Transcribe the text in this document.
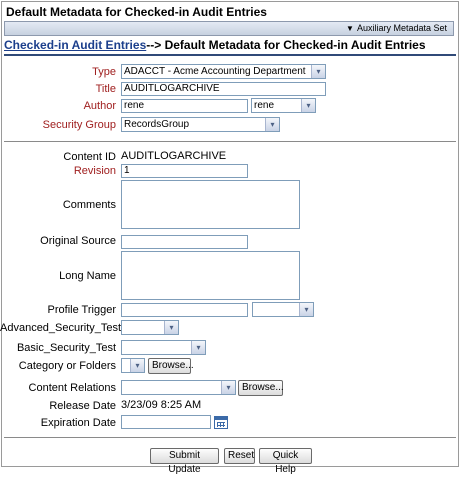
Default Metadata for Checked-in Audit Entries
▼ Auxiliary Metadata Set
Checked-in Audit Entries--> Default Metadata for Checked-in Audit Entries
Type ADACCT - Acme Accounting Department	▾
Title AUDITLOGARCHIVE
Author rene	rene	▾
Security Group RecordsGroup	▾
Content ID AUDITLOGARCHIVE
Revision 1
Comments
Original Source
Long Name
Profile Trigger	▾
Advanced_Security_Test	▾
Basic_Security_Test	▾
Category or Folders	▾	Browse...
Content Relations	▾	Browse...
Release Date 3/23/09 8:25 AM
Expiration Date
Submit Update
Reset	Quick Help
